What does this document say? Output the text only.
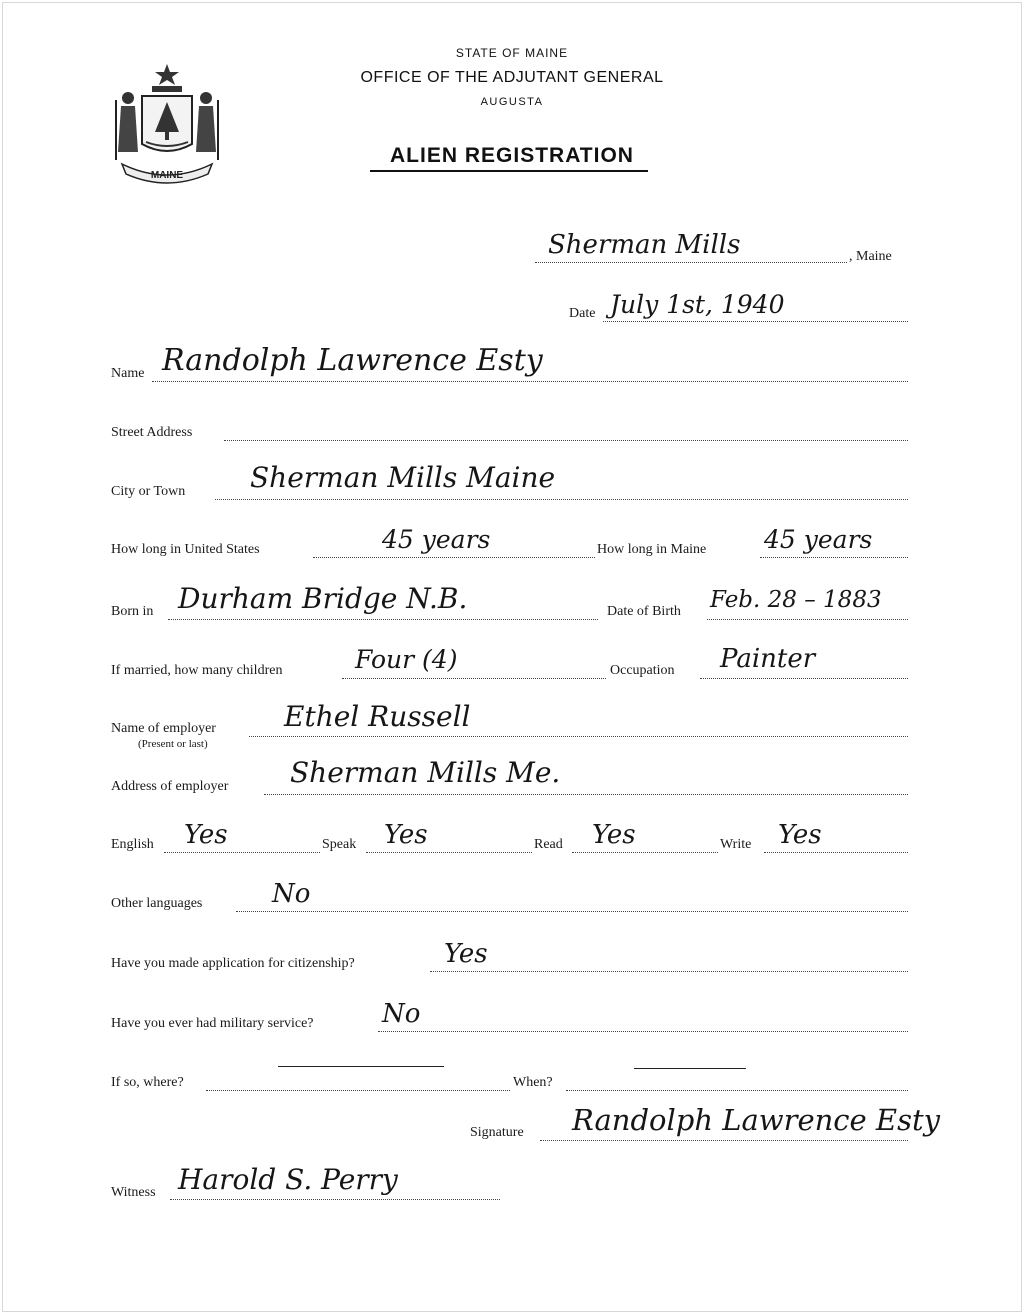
MAINE
STATE OF MAINE
OFFICE OF THE ADJUTANT GENERAL
AUGUSTA
ALIEN REGISTRATION
Sherman Mills	, Maine
Date July 1st, 1940
Name Randolph Lawrence Esty
Street Address
City or Town Sherman Mills Maine
How long in United States	45 years	How long in Maine 45 years
Born in Durham Bridge N.B.	Date of Birth Feb. 28 – 1883
If married, how many children	Four (4)	Occupation Painter
Name of employer
(Present or last)
Ethel Russell
Address of employer Sherman Mills Me.
English Yes	Speak Yes	Read Yes	Write Yes
Other languages	No
Have you made application for citizenship?	Yes
Have you ever had military service?	No
If so, where?	When?
Signature Randolph Lawrence Esty
Witness Harold S. Perry
